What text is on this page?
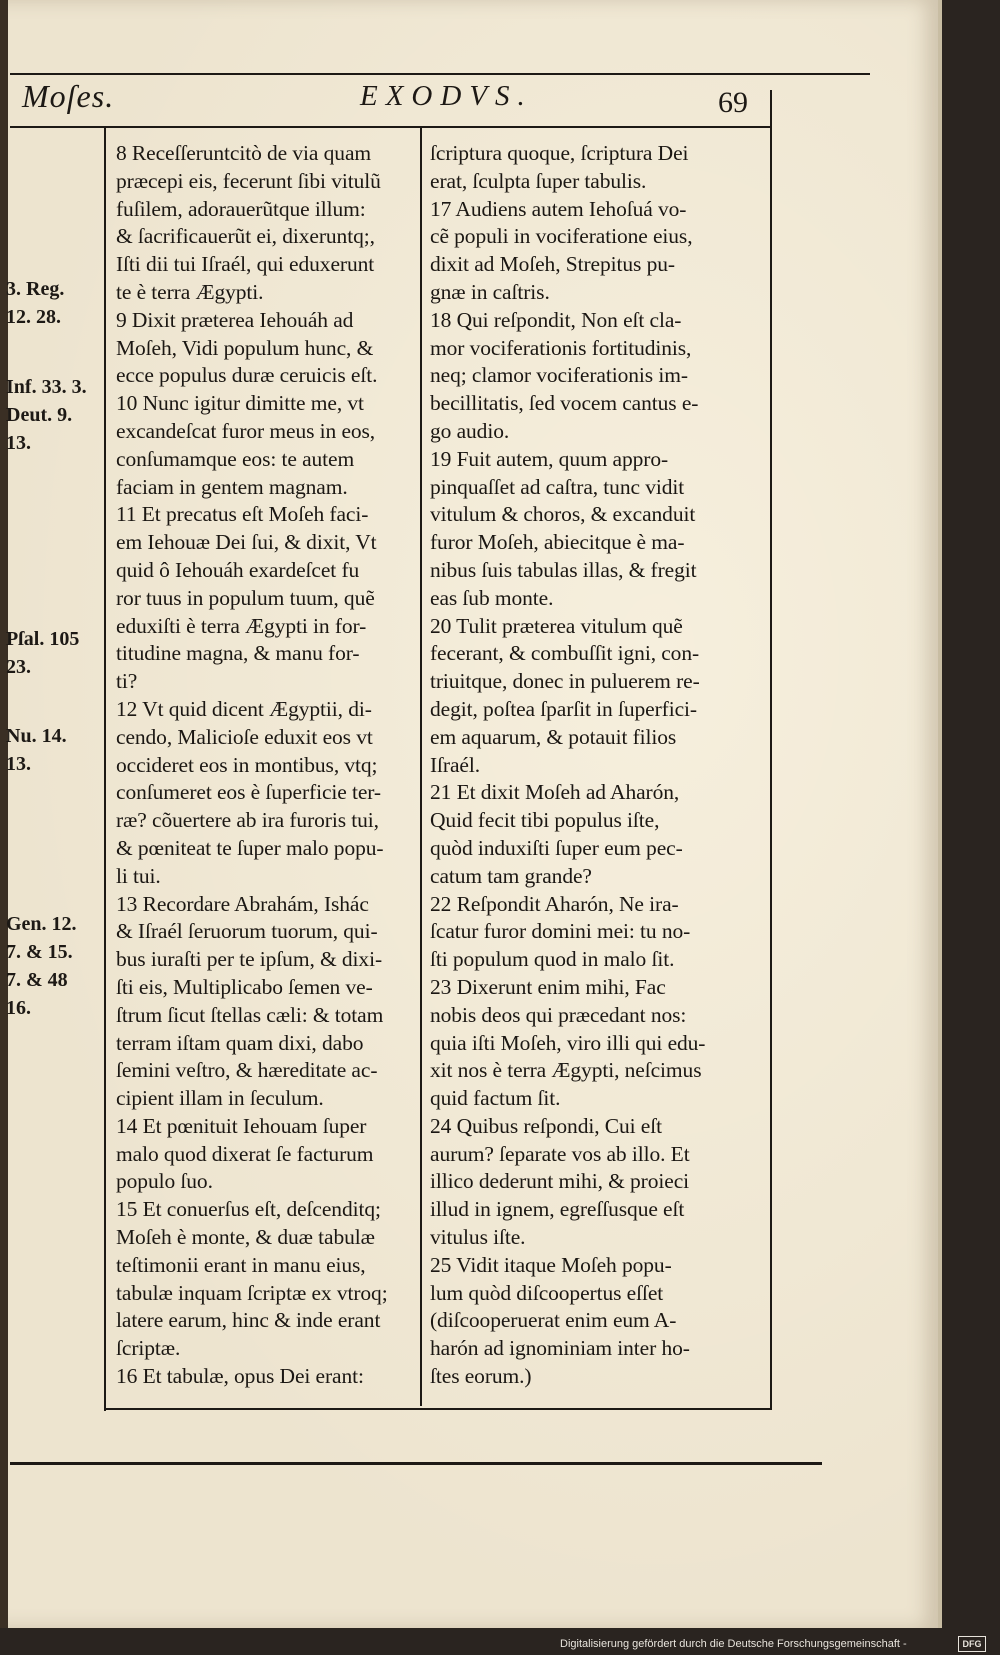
Moſes.	EXODVS.	69
3. Reg.
12. 28.
Inf. 33. 3.
Deut. 9.
13.
Pſal. 105
23.
Nu. 14.
13.
Gen. 12.
7. & 15.
7. & 48
16.
8 Receſſeruntcitò de via quam
præcepi eis, fecerunt ſibi vitulũ
fuſilem, adorauerũtque illum:
& ſacrificauerũt ei, dixeruntq;,
Iſti dii tui Iſraél, qui eduxerunt
te è terra Ægypti.
9 Dixit præterea Iehouáh ad
Moſeh, Vidi populum hunc, &
ecce populus duræ ceruicis eſt.
10 Nunc igitur dimitte me, vt
excandeſcat furor meus in eos,
conſumamque eos: te autem
faciam in gentem magnam.
11 Et precatus eſt Moſeh faci-
em Iehouæ Dei ſui, & dixit, Vt
quid ô Iehouáh exardeſcet fu
ror tuus in populum tuum, quẽ
eduxiſti è terra Ægypti in for-
titudine magna, & manu for-
ti?
12 Vt quid dicent Ægyptii, di-
cendo, Malicioſe eduxit eos vt
occideret eos in montibus, vtq;
conſumeret eos è ſuperficie ter-
ræ? cõuertere ab ira furoris tui,
& pœniteat te ſuper malo popu-
li tui.
13 Recordare Abrahám, Ishác
& Iſraél ſeruorum tuorum, qui-
bus iuraſti per te ipſum, & dixi-
ſti eis, Multiplicabo ſemen ve-
ſtrum ſicut ſtellas cæli: & totam
terram iſtam quam dixi, dabo
ſemini veſtro, & hæreditate ac-
cipient illam in ſeculum.
14 Et pœnituit Iehouam ſuper
malo quod dixerat ſe facturum
populo ſuo.
15 Et conuerſus eſt, deſcenditq;
Moſeh è monte, & duæ tabulæ
teſtimonii erant in manu eius,
tabulæ inquam ſcriptæ ex vtroq;
latere earum, hinc & inde erant
ſcriptæ.
16 Et tabulæ, opus Dei erant:
ſcriptura quoque, ſcriptura Dei
erat, ſculpta ſuper tabulis.
17 Audiens autem Iehoſuá vo-
cẽ populi in vociferatione eius,
dixit ad Moſeh, Strepitus pu-
gnæ in caſtris.
18 Qui reſpondit, Non eſt cla-
mor vociferationis fortitudinis,
neq; clamor vociferationis im-
becillitatis, ſed vocem cantus e-
go audio.
19 Fuit autem, quum appro-
pinquaſſet ad caſtra, tunc vidit
vitulum & choros, & excanduit
furor Moſeh, abiecitque è ma-
nibus ſuis tabulas illas, & fregit
eas ſub monte.
20 Tulit præterea vitulum quẽ
fecerant, & combuſſit igni, con-
triuitque, donec in puluerem re-
degit, poſtea ſparſit in ſuperfici-
em aquarum, & potauit filios
Iſraél.
21 Et dixit Moſeh ad Aharón,
Quid fecit tibi populus iſte,
quòd induxiſti ſuper eum pec-
catum tam grande?
22 Reſpondit Aharón, Ne ira-
ſcatur furor domini mei: tu no-
ſti populum quod in malo ſit.
23 Dixerunt enim mihi, Fac
nobis deos qui præcedant nos:
quia iſti Moſeh, viro illi qui edu-
xit nos è terra Ægypti, neſcimus
quid factum ſit.
24 Quibus reſpondi, Cui eſt
aurum? ſeparate vos ab illo. Et
illico dederunt mihi, & proieci
illud in ignem, egreſſusque eſt
vitulus iſte.
25 Vidit itaque Moſeh popu-
lum quòd diſcoopertus eſſet
(diſcooperuerat enim eum A-
harón ad ignominiam inter ho-
ſtes eorum.)
Digitalisierung gefördert durch die Deutsche Forschungsgemeinschaft -	DFG
